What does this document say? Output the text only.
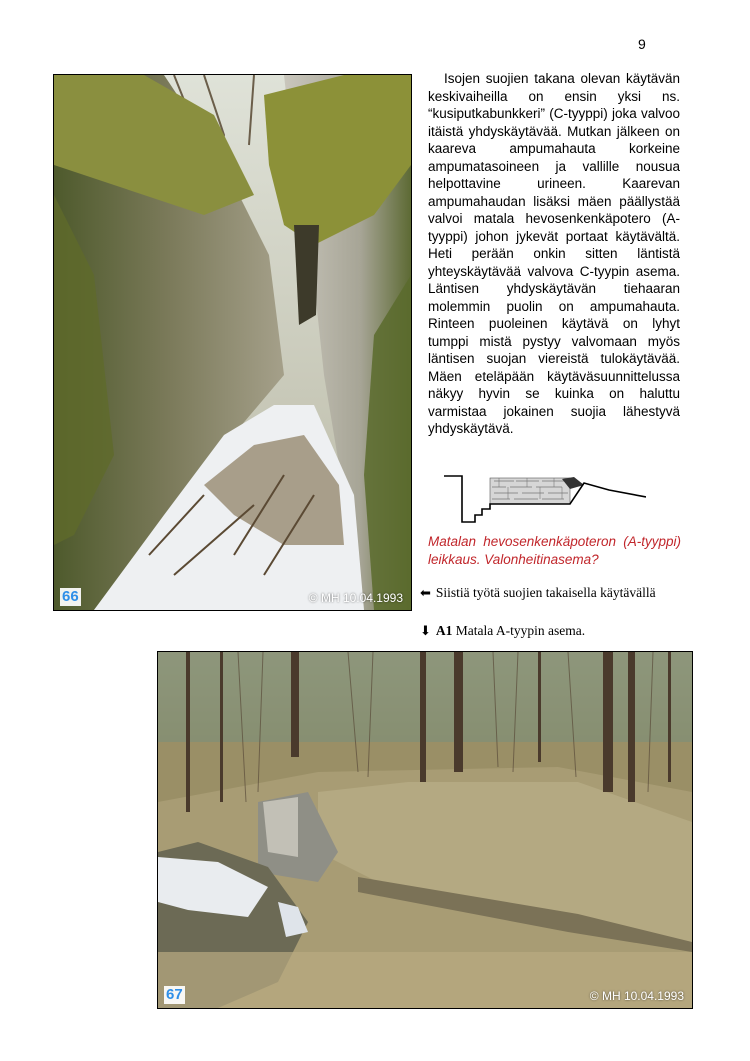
9
66	© MH 10.04.1993

Isojen suojien takana olevan käytävän keskivaiheilla on ensin yksi ns. “kusiputkabunkkeri” (C-tyyppi) joka valvoo itäistä yhdyskäytävää. Mutkan jälkeen on kaareva ampumahauta korkeine ampumatasoineen ja vallille nousua helpottavine urineen. Kaarevan ampumahaudan lisäksi mäen päällystää valvoi matala hevosenkenkäpotero (A-tyyppi) johon jykevät portaat käytävältä. Heti perään onkin sitten läntistä yhteyskäytävää valvova C-tyypin asema. Läntisen yhdyskäytävän tiehaaran molemmin puolin on ampumahauta. Rinteen puoleinen käytävä on lyhyt tumppi mistä pystyy valvomaan myös läntisen suojan viereistä tulokäytävää. Mäen eteläpään käytäväsuunnittelussa näkyy hyvin se kuinka on haluttu varmistaa jokainen suojia lähestyvä yhdyskäytävä.

Matalan hevosenkenkäpoteron (A-tyyppi) leikkaus. Valonheitinasema?

⬅ Siistiä työtä suojien takaisella käytävällä
⬇ A1 Matala A-tyypin asema.
67	© MH 10.04.1993
